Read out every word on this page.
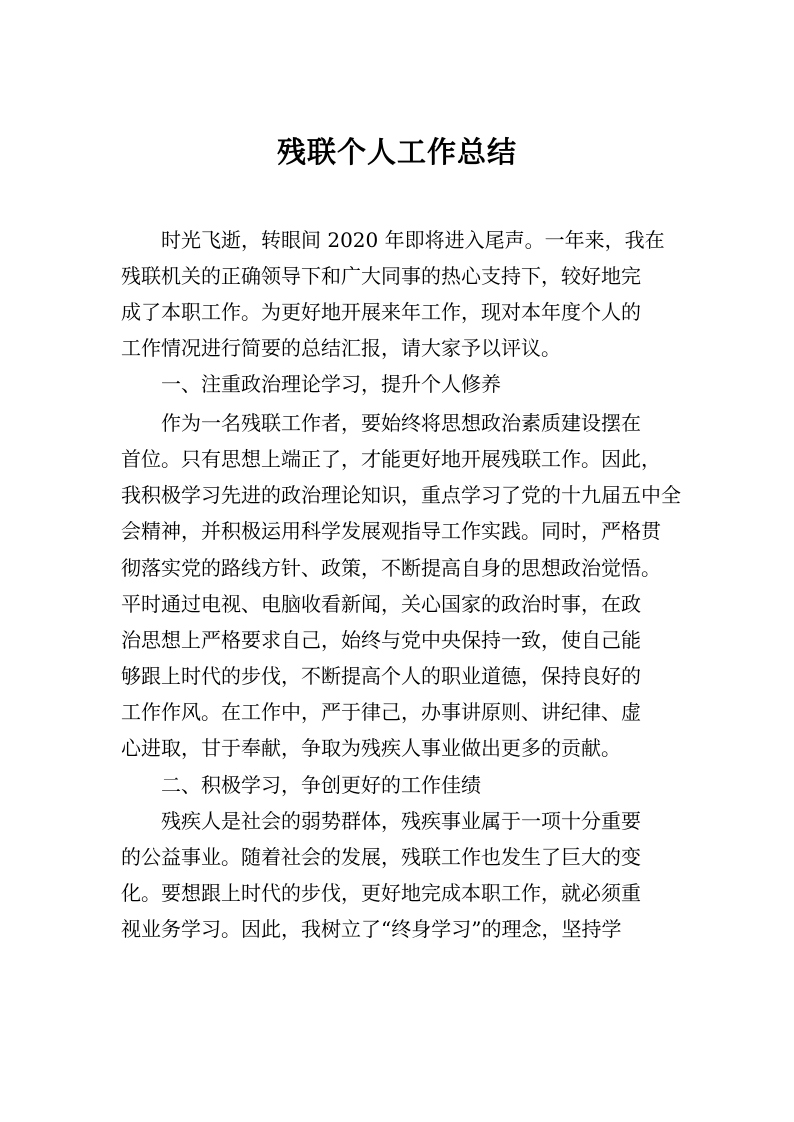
残联个人工作总结
　　时光飞逝，转眼间 2020 年即将进入尾声。一年来，我在
残联机关的正确领导下和广大同事的热心支持下，较好地完
成了本职工作。为更好地开展来年工作，现对本年度个人的
工作情况进行简要的总结汇报，请大家予以评议。
　　一、注重政治理论学习，提升个人修养
　　作为一名残联工作者，要始终将思想政治素质建设摆在
首位。只有思想上端正了，才能更好地开展残联工作。因此，
我积极学习先进的政治理论知识，重点学习了党的十九届五中全
会精神，并积极运用科学发展观指导工作实践。同时，严格贯
彻落实党的路线方针、政策，不断提高自身的思想政治觉悟。
平时通过电视、电脑收看新闻，关心国家的政治时事，在政
治思想上严格要求自己，始终与党中央保持一致，使自己能
够跟上时代的步伐，不断提高个人的职业道德，保持良好的
工作作风。在工作中，严于律己，办事讲原则、讲纪律、虚
心进取，甘于奉献，争取为残疾人事业做出更多的贡献。
　　二、积极学习，争创更好的工作佳绩
　　残疾人是社会的弱势群体，残疾事业属于一项十分重要
的公益事业。随着社会的发展，残联工作也发生了巨大的变
化。要想跟上时代的步伐，更好地完成本职工作，就必须重
视业务学习。因此，我树立了“终身学习”的理念，坚持学
